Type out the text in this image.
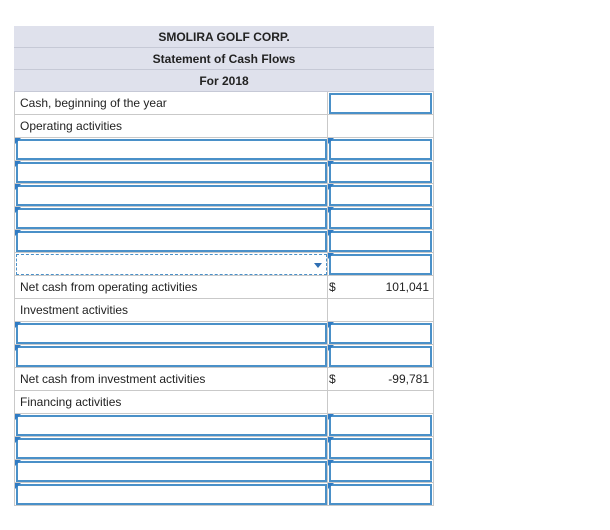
SMOLIRA GOLF CORP.
Statement of Cash Flows
For 2018
Cash, beginning of the year
Operating activities
Net cash from operating activities	$	101,041
Investment activities
Net cash from investment activities	$	-99,781
Financing activities
